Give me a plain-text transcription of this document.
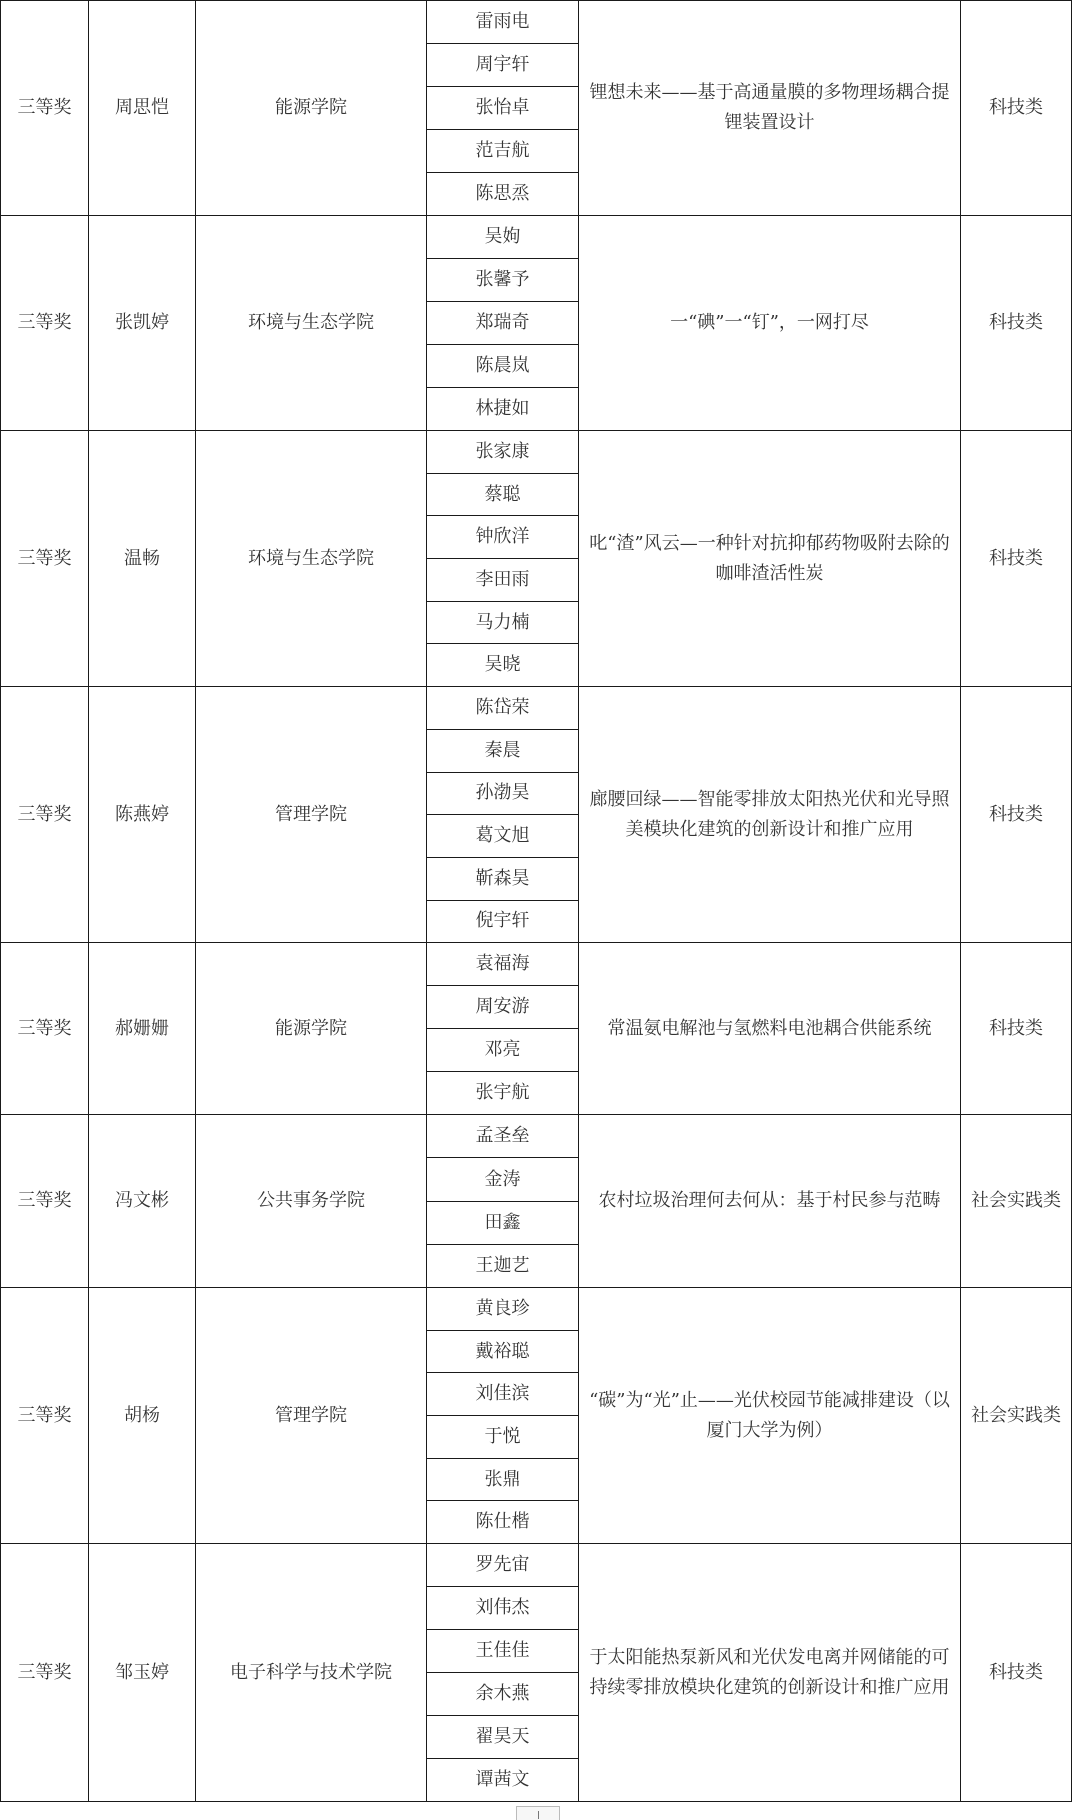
三等奖	周思恺	能源学院	雷雨电	锂想未来——基于高通量膜的多物理场耦合提锂装置设计	科技类
			周宇轩		
			张怡卓		
			范吉航		
			陈思烝		
三等奖	张凯婷	环境与生态学院	吴姁	一“碘”一“钉”，一网打尽	科技类
			张馨予		
			郑瑞奇		
			陈晨岚		
			林捷如		
三等奖	温畅	环境与生态学院	张家康	叱“渣”风云—一种针对抗抑郁药物吸附去除的咖啡渣活性炭	科技类
			蔡聪		
			钟欣洋		
			李田雨		
			马力楠		
			吴晓		
三等奖	陈燕婷	管理学院	陈岱荣	廊腰回绿——智能零排放太阳热光伏和光导照美模块化建筑的创新设计和推广应用	科技类
			秦晨		
			孙渤昊		
			葛文旭		
			靳森昊		
			倪宇轩		
三等奖	郝姗姗	能源学院	袁福海	常温氨电解池与氢燃料电池耦合供能系统	科技类
			周安游		
			邓亮		
			张宇航		
三等奖	冯文彬	公共事务学院	孟圣垒	农村垃圾治理何去何从：基于村民参与范畴	社会实践类
			金涛		
			田鑫		
			王迦艺		
三等奖	胡杨	管理学院	黄良珍	“碳”为“光”止——光伏校园节能减排建设（以厦门大学为例）	社会实践类
			戴裕聪		
			刘佳滨		
			于悦		
			张鼎		
			陈仕楷		
三等奖	邹玉婷	电子科学与技术学院	罗先宙	于太阳能热泵新风和光伏发电离并网储能的可持续零排放模块化建筑的创新设计和推广应用	科技类
			刘伟杰		
			王佳佳		
			余木燕		
			翟昊天		
			谭茜文		
